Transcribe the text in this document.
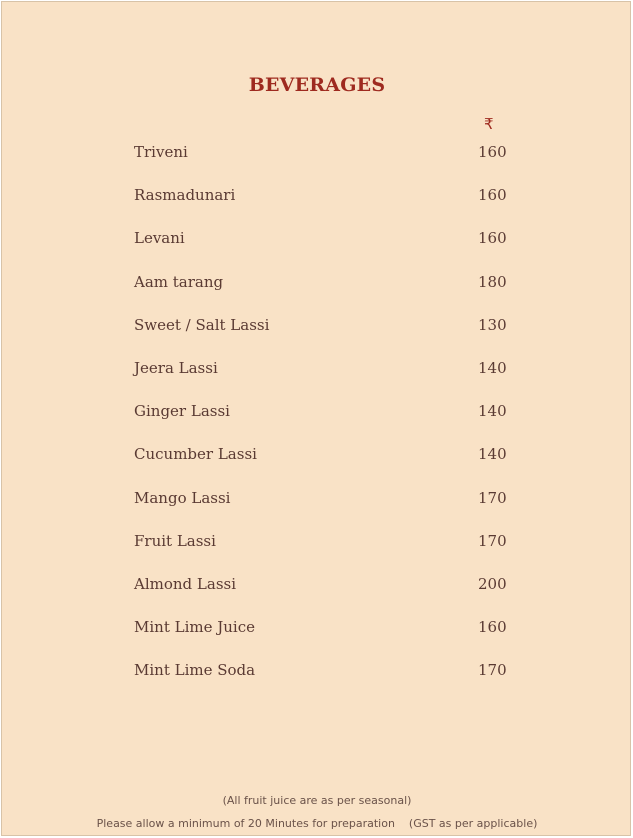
BEVERAGES
₹
Triveni	160
Rasmadunari	160
Levani	160
Aam tarang	180
Sweet / Salt Lassi	130
Jeera Lassi	140
Ginger Lassi	140
Cucumber Lassi	140
Mango Lassi	170
Fruit Lassi	170
Almond Lassi	200
Mint Lime Juice	160
Mint Lime Soda	170
(All fruit juice are as per seasonal)
Please allow a minimum of 20 Minutes for preparation (GST as per applicable)
